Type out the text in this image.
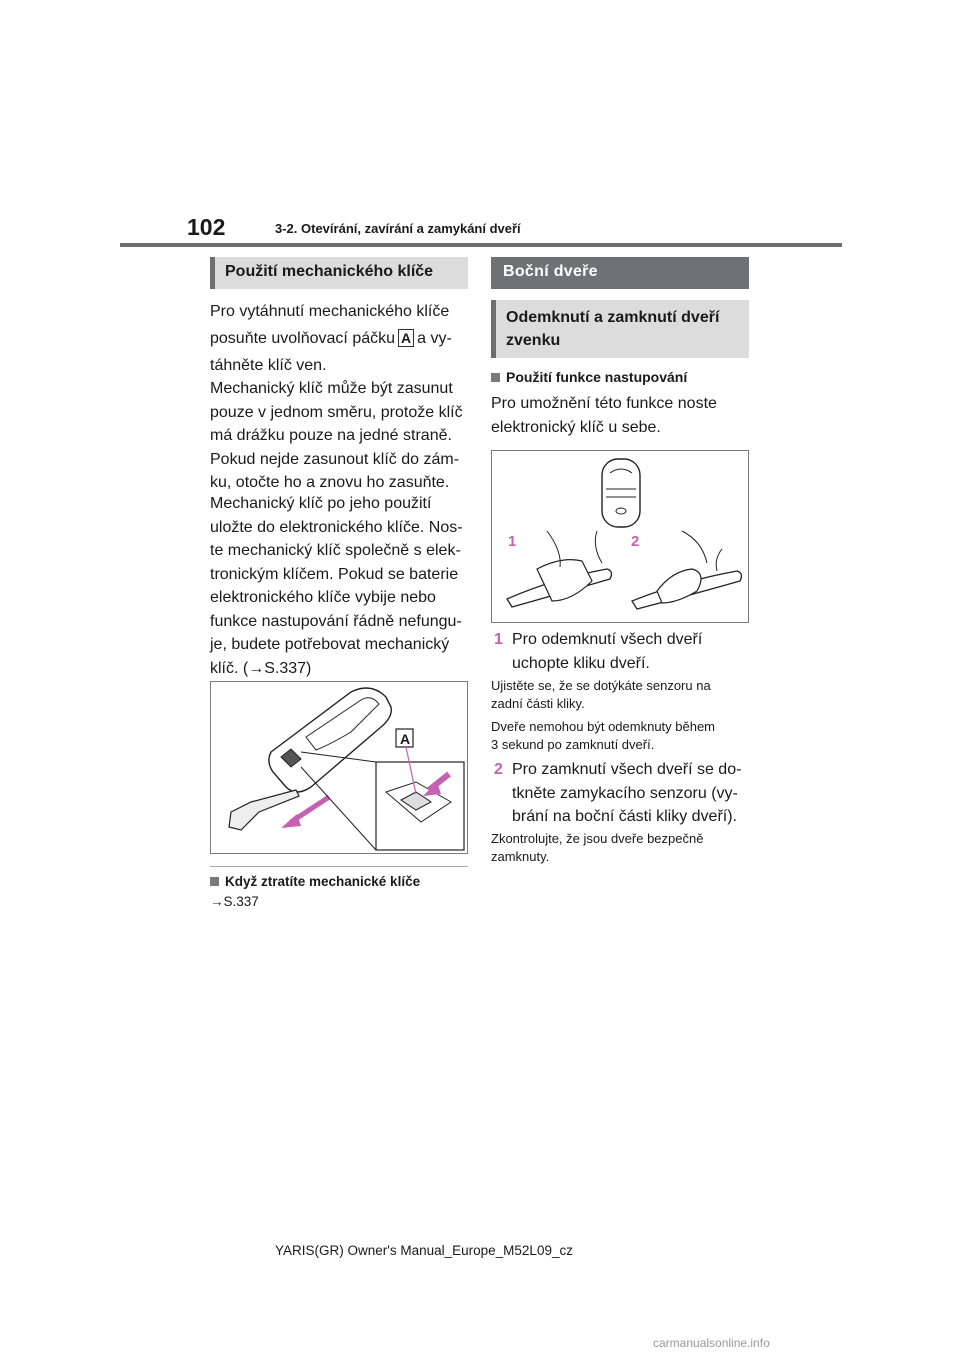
102	3-2. Otevírání, zavírání a zamykání dveří
Použití mechanického klíče
Pro vytáhnutí mechanického klíče
posuňte uvolňovací páčku A a vy-
táhněte klíč ven.
Mechanický klíč může být zasunut
pouze v jednom směru, protože klíč
má drážku pouze na jedné straně.
Pokud nejde zasunout klíč do zám-
ku, otočte ho a znovu ho zasuňte.
Mechanický klíč po jeho použití
uložte do elektronického klíče. Nos-
te mechanický klíč společně s elek-
tronickým klíčem. Pokud se baterie
elektronického klíče vybije nebo
funkce nastupování řádně nefungu-
je, budete potřebovat mechanický
klíč. (→S.337)
A
Když ztratíte mechanické klíče
→S.337
Boční dveře
Odemknutí a zamknutí dveří
zvenku
Použití funkce nastupování
Pro umožnění této funkce noste
elektronický klíč u sebe.
1	2
1 Pro odemknutí všech dveří
uchopte kliku dveří.
Ujistěte se, že se dotýkáte senzoru na
zadní části kliky.
Dveře nemohou být odemknuty během
3 sekund po zamknutí dveří.
2 Pro zamknutí všech dveří se do-
tkněte zamykacího senzoru (vy-
brání na boční části kliky dveří).
Zkontrolujte, že jsou dveře bezpečně
zamknuty.
YARIS(GR) Owner's Manual_Europe_M52L09_cz
carmanualsonline.info
